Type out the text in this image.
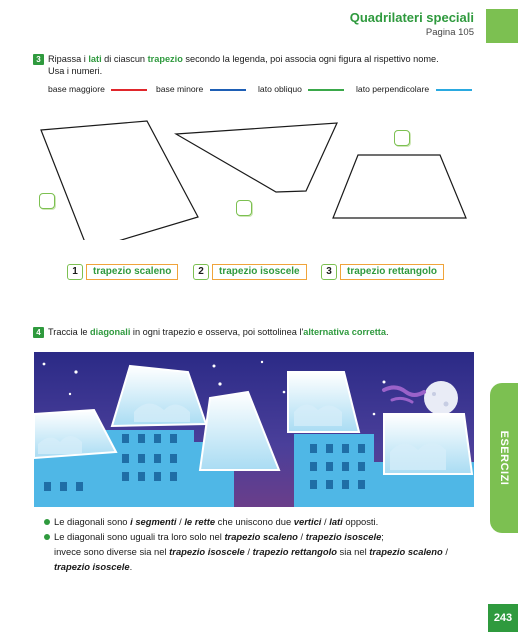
Quadrilateri speciali
Pagina 105
3 Ripassa i lati di ciascun trapezio secondo la legenda, poi associa ogni figura al rispettivo nome.
Usa i numeri.
base maggiore	base minore	lato obliquo	lato perpendicolare
1	trapezio scaleno	2	trapezio isoscele	3	trapezio rettangolo
4 Traccia le diagonali in ogni trapezio e osserva, poi sottolinea l'alternativa corretta.
ESERCIZI
Le diagonali sono i segmenti / le rette che uniscono due vertici / lati opposti.
Le diagonali sono uguali tra loro solo nel trapezio scaleno / trapezio isoscele;
invece sono diverse sia nel trapezio isoscele / trapezio rettangolo sia nel trapezio scaleno /
trapezio isoscele.
243
